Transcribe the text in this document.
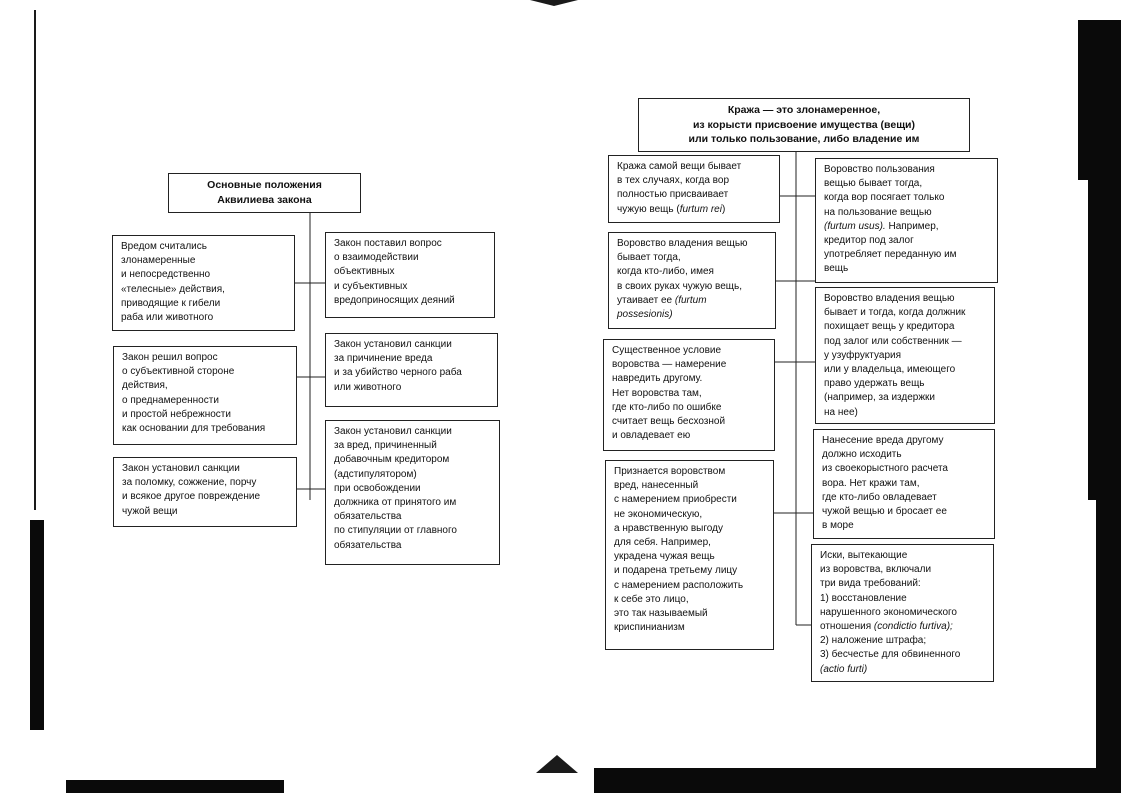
Основные положения
Аквилиева закона
Вредом считались
злонамеренные
и непосредственно
«телесные» действия,
приводящие к гибели
раба или животного
Закон решил вопрос
о субъективной стороне
действия,
о преднамеренности
и простой небрежности
как основании для требования
Закон установил санкции
за поломку, сожжение, порчу
и всякое другое повреждение
чужой вещи
Закон поставил вопрос
о взаимодействии
объективных
и субъективных
вредоприносящих деяний
Закон установил санкции
за причинение вреда
и за убийство черного раба
или животного
Закон установил санкции
за вред, причиненный
добавочным кредитором
(адстипулятором)
при освобождении
должника от принятого им
обязательства
по стипуляции от главного
обязательства
Кража — это злонамеренное,
из корысти присвоение имущества (вещи)
или только пользование, либо владение им
Кража самой вещи бывает
в тех случаях, когда вор
полностью присваивает
чужую вещь (furtum rei)
Воровство владения вещью
бывает тогда,
когда кто-либо, имея
в своих руках чужую вещь,
утаивает ее (furtum
possesionis)
Существенное условие
воровства — намерение
навредить другому.
Нет воровства там,
где кто-либо по ошибке
считает вещь бесхозной
и овладевает ею
Признается воровством
вред, нанесенный
с намерением приобрести
не экономическую,
а нравственную выгоду
для себя. Например,
украдена чужая вещь
и подарена третьему лицу
с намерением расположить
к себе это лицо,
это так называемый
криспинианизм
Воровство пользования
вещью бывает тогда,
когда вор посягает только
на пользование вещью
(furtum usus). Например,
кредитор под залог
употребляет переданную им
вещь
Воровство владения вещью
бывает и тогда, когда должник
похищает вещь у кредитора
под залог или собственник —
у узуфруктуария
или у владельца, имеющего
право удержать вещь
(например, за издержки
на нее)
Нанесение вреда другому
должно исходить
из своекорыстного расчета
вора. Нет кражи там,
где кто-либо овладевает
чужой вещью и бросает ее
в море
Иски, вытекающие
из воровства, включали
три вида требований:
1) восстановление
нарушенного экономического
отношения (condictio furtiva);
2) наложение штрафа;
3) бесчестье для обвиненного
(actio furti)
